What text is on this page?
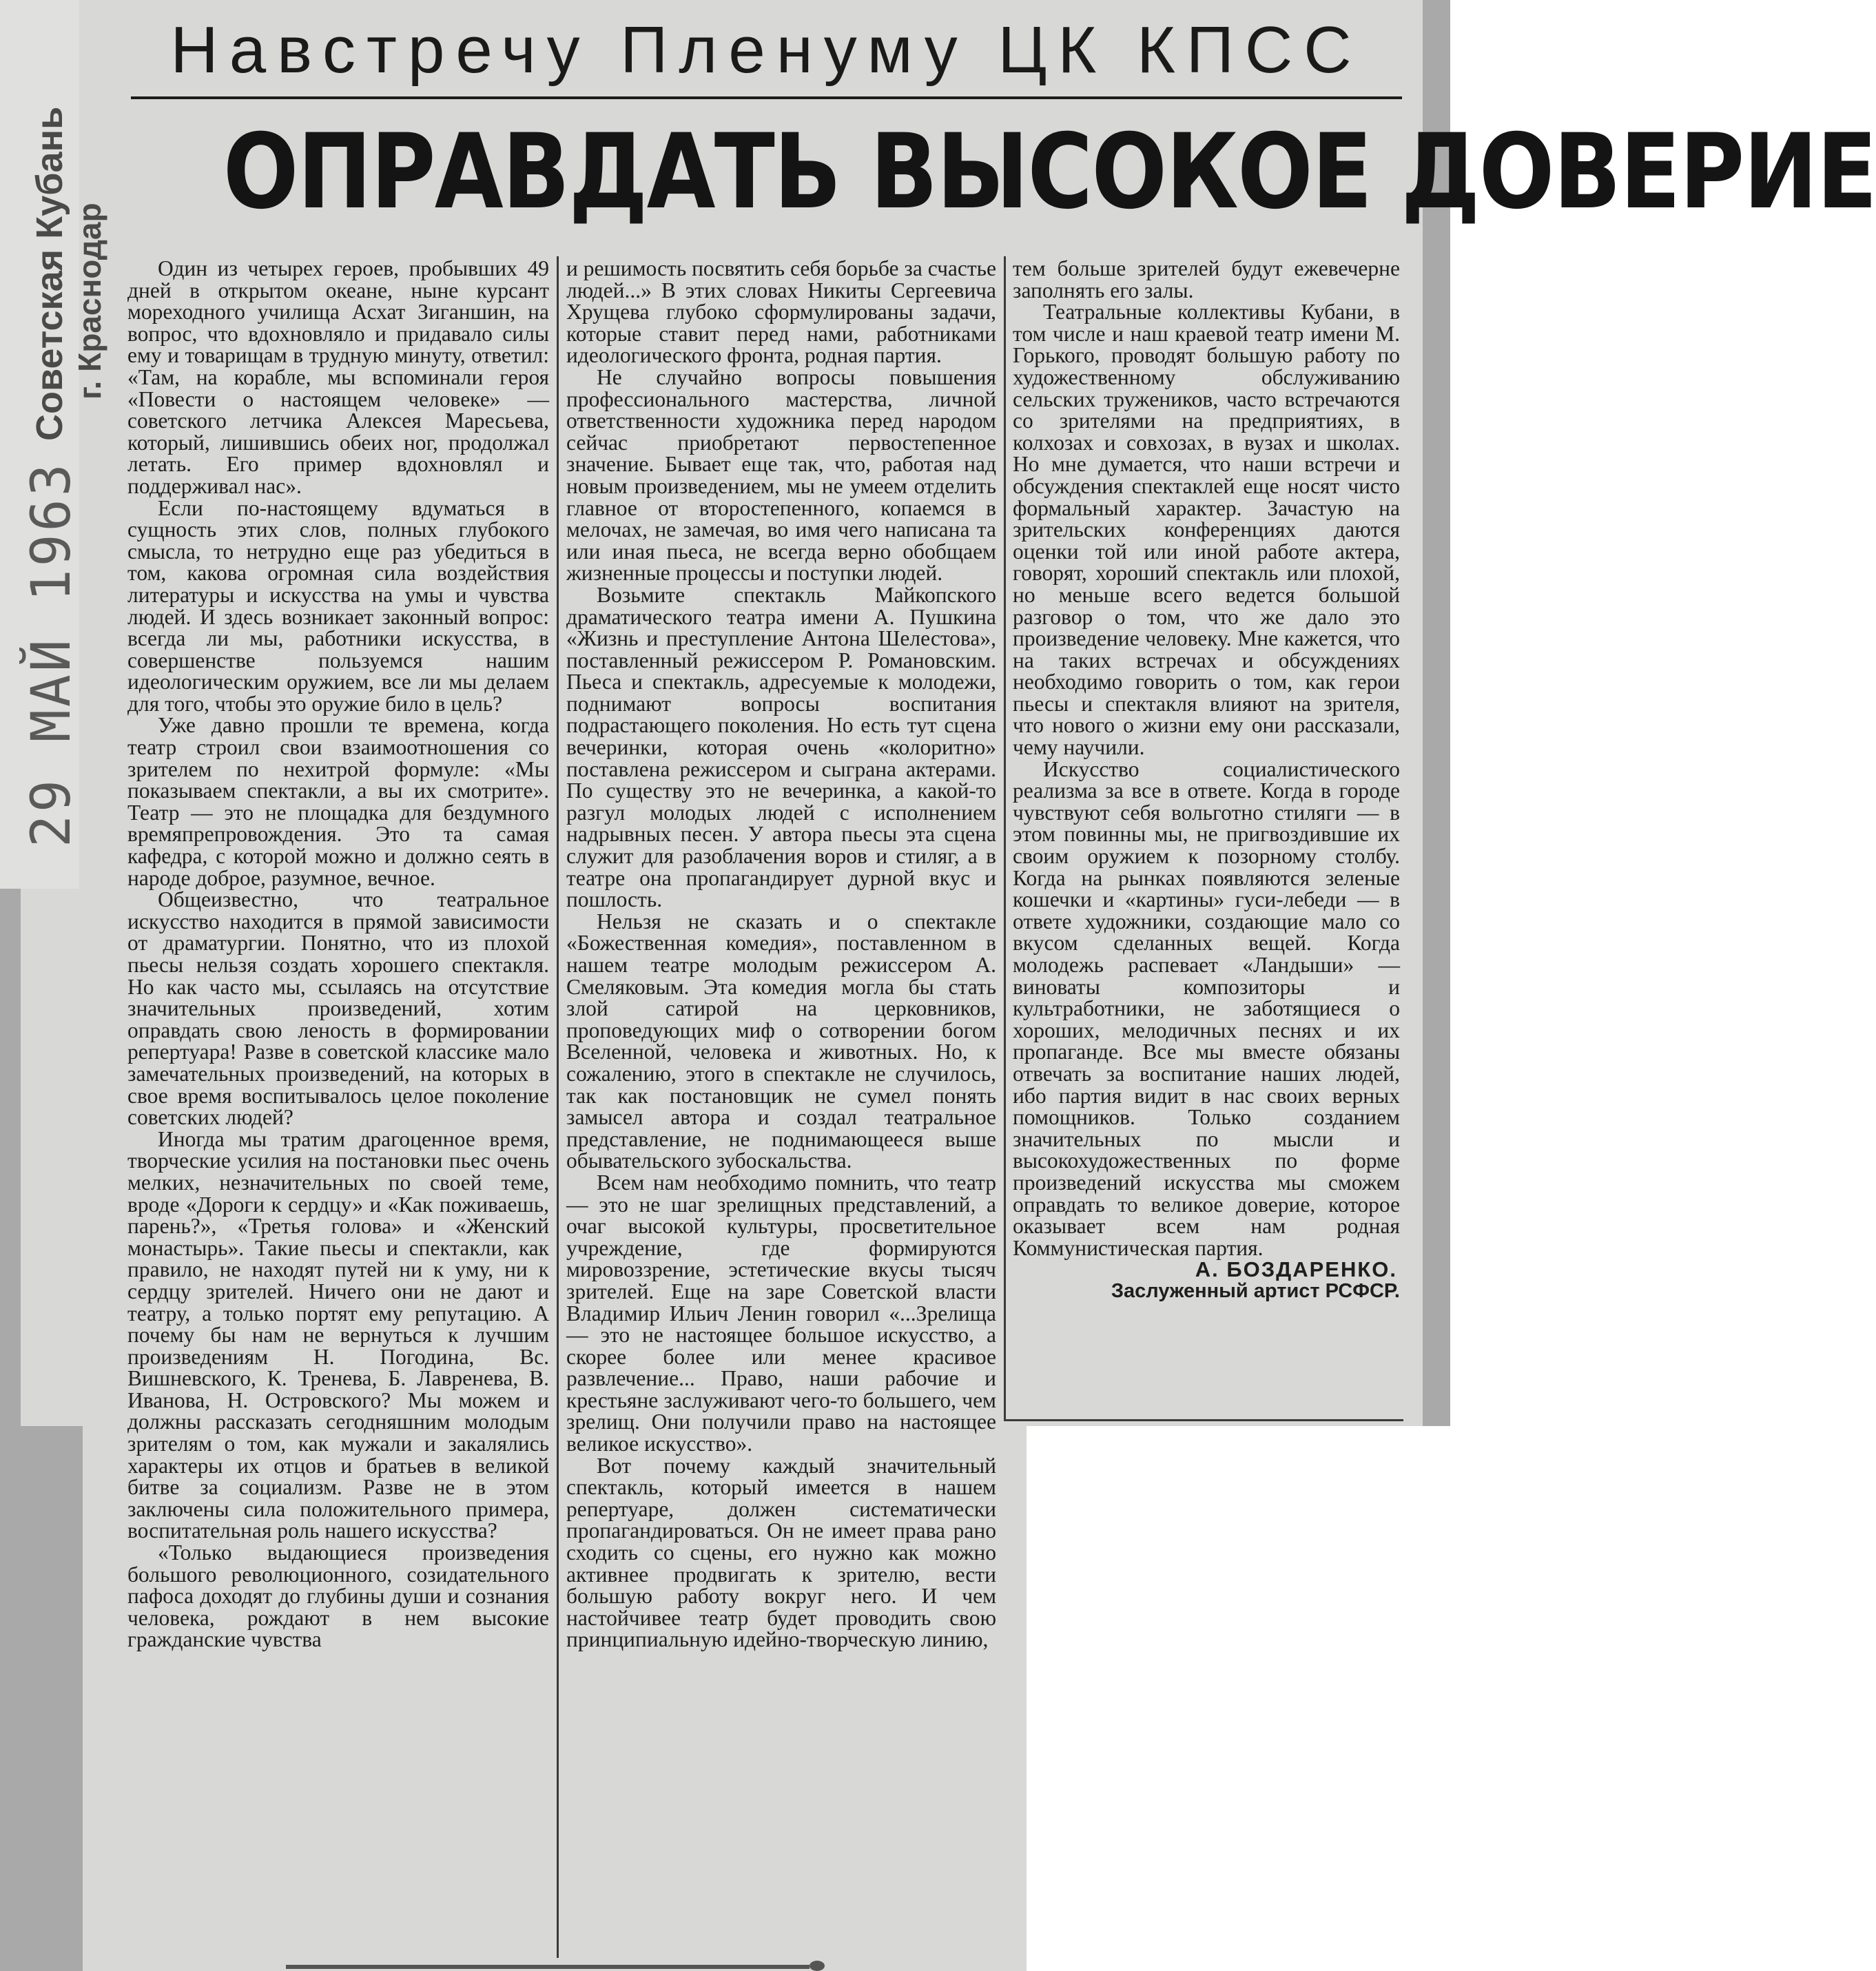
Советская Кубань г. Краснодар
29 МАЙ 1963
Навстречу Пленуму ЦК КПСС
ОПРАВДАТЬ ВЫСОКОЕ ДОВЕРИЕ

Один из четырех героев, пробывших 49 дней в открытом океане, ныне курсант мореходного училища Асхат Зиганшин, на вопрос, что вдохновляло и придавало силы ему и товарищам в трудную минуту, ответил: «Там, на корабле, мы вспоминали героя «Повести о настоящем человеке» — советского летчика Алексея Маресьева, который, лишившись обеих ног, продолжал летать. Его пример вдохновлял и поддерживал нас».

Если по-настоящему вдуматься в сущность этих слов, полных глубокого смысла, то нетрудно еще раз убедиться в том, какова огромная сила воздействия литературы и искусства на умы и чувства людей. И здесь возникает законный вопрос: всегда ли мы, работники искусства, в совершенстве пользуемся нашим идеологическим оружием, все ли мы делаем для того, чтобы это оружие било в цель?

Уже давно прошли те времена, когда театр строил свои взаимоотношения со зрителем по нехитрой формуле: «Мы показываем спектакли, а вы их смотрите». Театр — это не площадка для бездумного времяпрепровождения. Это та самая кафедра, с которой можно и должно сеять в народе доброе, разумное, вечное.

Общеизвестно, что театральное искусство находится в прямой зависимости от драматургии. Понятно, что из плохой пьесы нельзя создать хорошего спектакля. Но как часто мы, ссылаясь на отсутствие значительных произведений, хотим оправдать свою леность в формировании репертуара! Разве в советской классике мало замечательных произведений, на которых в свое время воспитывалось целое поколение советских людей?

Иногда мы тратим драгоценное время, творческие усилия на постановки пьес очень мелких, незначительных по своей теме, вроде «Дороги к сердцу» и «Как поживаешь, парень?», «Третья голова» и «Женский монастырь». Такие пьесы и спектакли, как правило, не находят путей ни к уму, ни к сердцу зрителей. Ничего они не дают и театру, а только портят ему репутацию. А почему бы нам не вернуться к лучшим произведениям Н. Погодина, Вс. Вишневского, К. Тренева, Б. Лавренева, В. Иванова, Н. Островского? Мы можем и должны рассказать сегодняшним молодым зрителям о том, как мужали и закалялись характеры их отцов и братьев в великой битве за социализм. Разве не в этом заключены сила положительного примера, воспитательная роль нашего искусства?

«Только выдающиеся произведения большого революционного, созидательного пафоса доходят до глубины души и сознания человека, рождают в нем высокие гражданские чувства

и решимость посвятить себя борьбе за счастье людей...» В этих словах Никиты Сергеевича Хрущева глубоко сформулированы задачи, которые ставит перед нами, работниками идеологического фронта, родная партия.

Не случайно вопросы повышения профессионального мастерства, личной ответственности художника перед народом сейчас приобретают первостепенное значение. Бывает еще так, что, работая над новым произведением, мы не умеем отделить главное от второстепенного, копаемся в мелочах, не замечая, во имя чего написана та или иная пьеса, не всегда верно обобщаем жизненные процессы и поступки людей.

Возьмите спектакль Майкопского драматического театра имени А. Пушкина «Жизнь и преступление Антона Шелестова», поставленный режиссером Р. Романовским. Пьеса и спектакль, адресуемые к молодежи, поднимают вопросы воспитания подрастающего поколения. Но есть тут сцена вечеринки, которая очень «колоритно» поставлена режиссером и сыграна актерами. По существу это не вечеринка, а какой-то разгул молодых людей с исполнением надрывных песен. У автора пьесы эта сцена служит для разоблачения воров и стиляг, а в театре она пропагандирует дурной вкус и пошлость.

Нельзя не сказать и о спектакле «Божественная комедия», поставленном в нашем театре молодым режиссером А. Смеляковым. Эта комедия могла бы стать злой сатирой на церковников, проповедующих миф о сотворении богом Вселенной, человека и животных. Но, к сожалению, этого в спектакле не случилось, так как постановщик не сумел понять замысел автора и создал театральное представление, не поднимающееся выше обывательского зубоскальства.

Всем нам необходимо помнить, что театр — это не шаг зрелищных представлений, а очаг высокой культуры, просветительное учреждение, где формируются мировоззрение, эстетические вкусы тысяч зрителей. Еще на заре Советской власти Владимир Ильич Ленин говорил «...Зрелища — это не настоящее большое искусство, а скорее более или менее красивое развлечение... Право, наши рабочие и крестьяне заслуживают чего-то большего, чем зрелищ. Они получили право на настоящее великое искусство».

Вот почему каждый значительный спектакль, который имеется в нашем репертуаре, должен систематически пропагандироваться. Он не имеет права рано сходить со сцены, его нужно как можно активнее продвигать к зрителю, вести большую работу вокруг него. И чем настойчивее театр будет проводить свою принципиальную идейно-творческую линию,

тем больше зрителей будут ежевечерне заполнять его залы.

Театральные коллективы Кубани, в том числе и наш краевой театр имени М. Горького, проводят большую работу по художественному обслуживанию сельских тружеников, часто встречаются со зрителями на предприятиях, в колхозах и совхозах, в вузах и школах. Но мне думается, что наши встречи и обсуждения спектаклей еще носят чисто формальный характер. Зачастую на зрительских конференциях даются оценки той или иной работе актера, говорят, хороший спектакль или плохой, но меньше всего ведется большой разговор о том, что же дало это произведение человеку. Мне кажется, что на таких встречах и обсуждениях необходимо говорить о том, как герои пьесы и спектакля влияют на зрителя, что нового о жизни ему они рассказали, чему научили.

Искусство социалистического реализма за все в ответе. Когда в городе чувствуют себя вольготно стиляги — в этом повинны мы, не пригвоздившие их своим оружием к позорному столбу. Когда на рынках появляются зеленые кошечки и «картины» гуси-лебеди — в ответе художники, создающие мало со вкусом сделанных вещей. Когда молодежь распевает «Ландыши» — виноваты композиторы и культработники, не заботящиеся о хороших, мелодичных песнях и их пропаганде. Все мы вместе обязаны отвечать за воспитание наших людей, ибо партия видит в нас своих верных помощников. Только созданием значительных по мысли и высокохудожественных по форме произведений искусства мы сможем оправдать то великое доверие, которое оказывает всем нам родная Коммунистическая партия.

А. БОЗДАРЕНКО.
Заслуженный артист РСФСР.
